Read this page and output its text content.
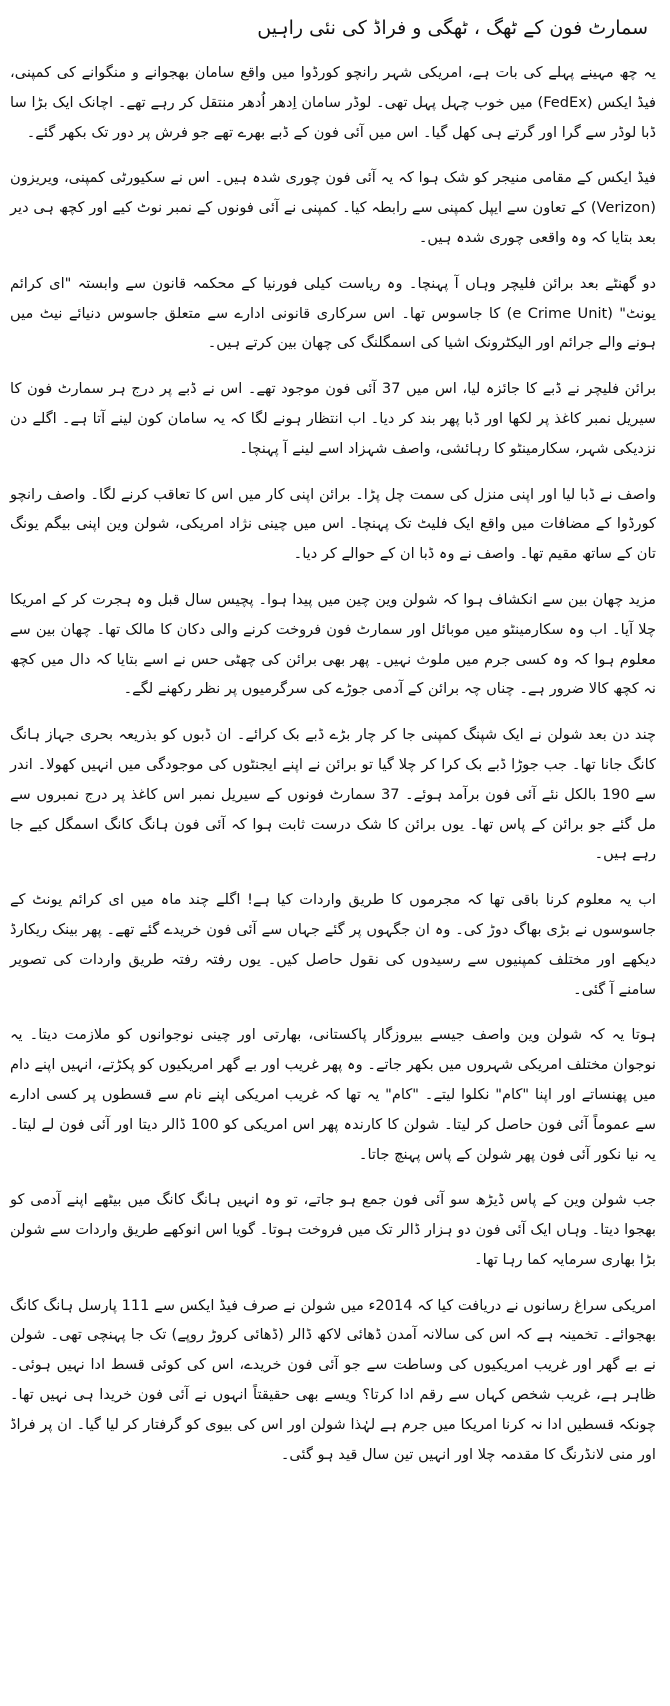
سمارٹ فون کے ٹھگ ، ٹھگی و فراڈ کی نئی راہیں

یہ چھ مہینے پہلے کی بات ہے، امریکی شہر رانچو کورڈوا میں واقع سامان بھجوانے و منگوانے کی کمپنی، فیڈ ایکس (FedEx) میں خوب چہل پہل تھی۔ لوڈر سامان اِدھر اُدھر منتقل کر رہے تھے۔ اچانک ایک بڑا سا ڈبا لوڈر سے گرا اور گرتے ہی کھل گیا۔ اس میں آئی فون کے ڈبے بھرے تھے جو فرش پر دور تک بکھر گئے۔

فیڈ ایکس کے مقامی منیجر کو شک ہوا کہ یہ آئی فون چوری شدہ ہیں۔ اس نے سکیورٹی کمپنی، ویریزون (Verizon) کے تعاون سے ایپل کمپنی سے رابطہ کیا۔ کمپنی نے آئی فونوں کے نمبر نوٹ کیے اور کچھ ہی دیر بعد بتایا کہ وہ واقعی چوری شدہ ہیں۔

دو گھنٹے بعد برائن فلیچر وہاں آ پہنچا۔ وہ ریاست کیلی فورنیا کے محکمہ قانون سے وابستہ "ای کرائم یونٹ" (e Crime Unit) کا جاسوس تھا۔ اس سرکاری قانونی ادارے سے متعلق جاسوس دنیائے نیٹ میں ہونے والے جرائم اور الیکٹرونک اشیا کی اسمگلنگ کی چھان بین کرتے ہیں۔

برائن فلیچر نے ڈبے کا جائزہ لیا، اس میں 37 آئی فون موجود تھے۔ اس نے ڈبے پر درج ہر سمارٹ فون کا سیریل نمبر کاغذ پر لکھا اور ڈبا پھر بند کر دیا۔ اب انتظار ہونے لگا کہ یہ سامان کون لینے آتا ہے۔ اگلے دن نزدیکی شہر، سکارمینٹو کا رہائشی، واصف شہزاد اسے لینے آ پہنچا۔

واصف نے ڈبا لیا اور اپنی منزل کی سمت چل پڑا۔ برائن اپنی کار میں اس کا تعاقب کرنے لگا۔ واصف رانچو کورڈوا کے مضافات میں واقع ایک فلیٹ تک پہنچا۔ اس میں چینی نژاد امریکی، شولن وین اپنی بیگم یونگ تان کے ساتھ مقیم تھا۔ واصف نے وہ ڈبا ان کے حوالے کر دیا۔

مزید چھان بین سے انکشاف ہوا کہ شولن وین چین میں پیدا ہوا۔ پچیس سال قبل وہ ہجرت کر کے امریکا چلا آیا۔ اب وہ سکارمینٹو میں موبائل اور سمارٹ فون فروخت کرنے والی دکان کا مالک تھا۔ چھان بین سے معلوم ہوا کہ وہ کسی جرم میں ملوث نہیں۔ پھر بھی برائن کی چھٹی حس نے اسے بتایا کہ دال میں کچھ نہ کچھ کالا ضرور ہے۔ چناں چہ برائن کے آدمی جوڑے کی سرگرمیوں پر نظر رکھنے لگے۔

چند دن بعد شولن نے ایک شپنگ کمپنی جا کر چار بڑے ڈبے بک کرائے۔ ان ڈبوں کو بذریعہ بحری جہاز ہانگ کانگ جانا تھا۔ جب جوڑا ڈبے بک کرا کر چلا گیا تو برائن نے اپنے ایجنٹوں کی موجودگی میں انہیں کھولا۔ اندر سے 190 بالکل نئے آئی فون برآمد ہوئے۔ 37 سمارٹ فونوں کے سیریل نمبر اس کاغذ پر درج نمبروں سے مل گئے جو برائن کے پاس تھا۔ یوں برائن کا شک درست ثابت ہوا کہ آئی فون ہانگ کانگ اسمگل کیے جا رہے ہیں۔

اب یہ معلوم کرنا باقی تھا کہ مجرموں کا طریق واردات کیا ہے! اگلے چند ماہ میں ای کرائم یونٹ کے جاسوسوں نے بڑی بھاگ دوڑ کی۔ وہ ان جگہوں پر گئے جہاں سے آئی فون خریدے گئے تھے۔ پھر بینک ریکارڈ دیکھے اور مختلف کمپنیوں سے رسیدوں کی نقول حاصل کیں۔ یوں رفتہ رفتہ طریق واردات کی تصویر سامنے آ گئی۔

ہوتا یہ کہ شولن وین واصف جیسے بیروزگار پاکستانی، بھارتی اور چینی نوجوانوں کو ملازمت دیتا۔ یہ نوجوان مختلف امریکی شہروں میں بکھر جاتے۔ وہ پھر غریب اور بے گھر امریکیوں کو پکڑتے، انہیں اپنے دام میں پھنساتے اور اپنا "کام" نکلوا لیتے۔ "کام" یہ تھا کہ غریب امریکی اپنے نام سے قسطوں پر کسی ادارے سے عموماً آئی فون حاصل کر لیتا۔ شولن کا کارندہ پھر اس امریکی کو 100 ڈالر دیتا اور آئی فون لے لیتا۔ یہ نیا نکور آئی فون پھر شولن کے پاس پہنچ جاتا۔

جب شولن وین کے پاس ڈیڑھ سو آئی فون جمع ہو جاتے، تو وہ انہیں ہانگ کانگ میں بیٹھے اپنے آدمی کو بھجوا دیتا۔ وہاں ایک آئی فون دو ہزار ڈالر تک میں فروخت ہوتا۔ گویا اس انوکھے طریق واردات سے شولن بڑا بھاری سرمایہ کما رہا تھا۔

امریکی سراغ رسانوں نے دریافت کیا کہ 2014ء میں شولن نے صرف فیڈ ایکس سے 111 پارسل ہانگ کانگ بھجوائے۔ تخمینہ ہے کہ اس کی سالانہ آمدن ڈھائی لاکھ ڈالر (ڈھائی کروڑ روپے) تک جا پہنچی تھی۔ شولن نے بے گھر اور غریب امریکیوں کی وساطت سے جو آئی فون خریدے، اس کی کوئی قسط ادا نہیں ہوئی۔ ظاہر ہے، غریب شخص کہاں سے رقم ادا کرتا؟ ویسے بھی حقیقتاً انہوں نے آئی فون خریدا ہی نہیں تھا۔ چونکہ قسطیں ادا نہ کرنا امریکا میں جرم ہے لہٰذا شولن اور اس کی بیوی کو گرفتار کر لیا گیا۔ ان پر فراڈ اور منی لانڈرنگ کا مقدمہ چلا اور انہیں تین سال قید ہو گئی۔
